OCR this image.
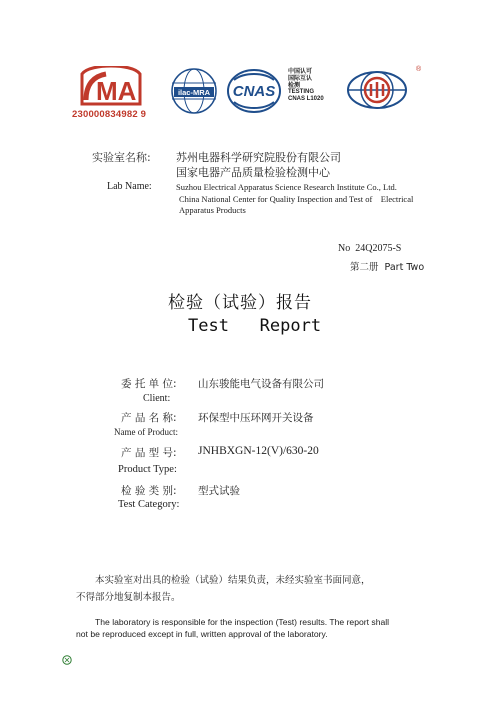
MA
230000834982 9
ilac-MRA CNAS
中国认可
国际互认
检测
TESTING
CNAS L1020
®
实验室名称: 苏州电器科学研究院股份有限公司
国家电器产品质量检验检测中心
Lab Name:	Suzhou Electrical Apparatus Science Research Institute Co., Ltd.
China National Center for Quality Inspection and Test of    Electrical
Apparatus Products
No  24Q2075-S
第二册  Part Two
检验（试验）报告
Test   Report
委 托 单 位: 山东骏能电气设备有限公司
Client:
产 品 名 称: 环保型中压环网开关设备
Name of Product:
产 品 型 号: JNHBXGN-12(V)/630-20
Product Type:
检 验 类 别: 型式试验
Test Category:
本实验室对出具的检验（试验）结果负责，未经实验室书面同意，
不得部分地复制本报告。
The laboratory is responsible for the inspection (Test) results. The report shall
not be reproduced except in full, written approval of the laboratory.
